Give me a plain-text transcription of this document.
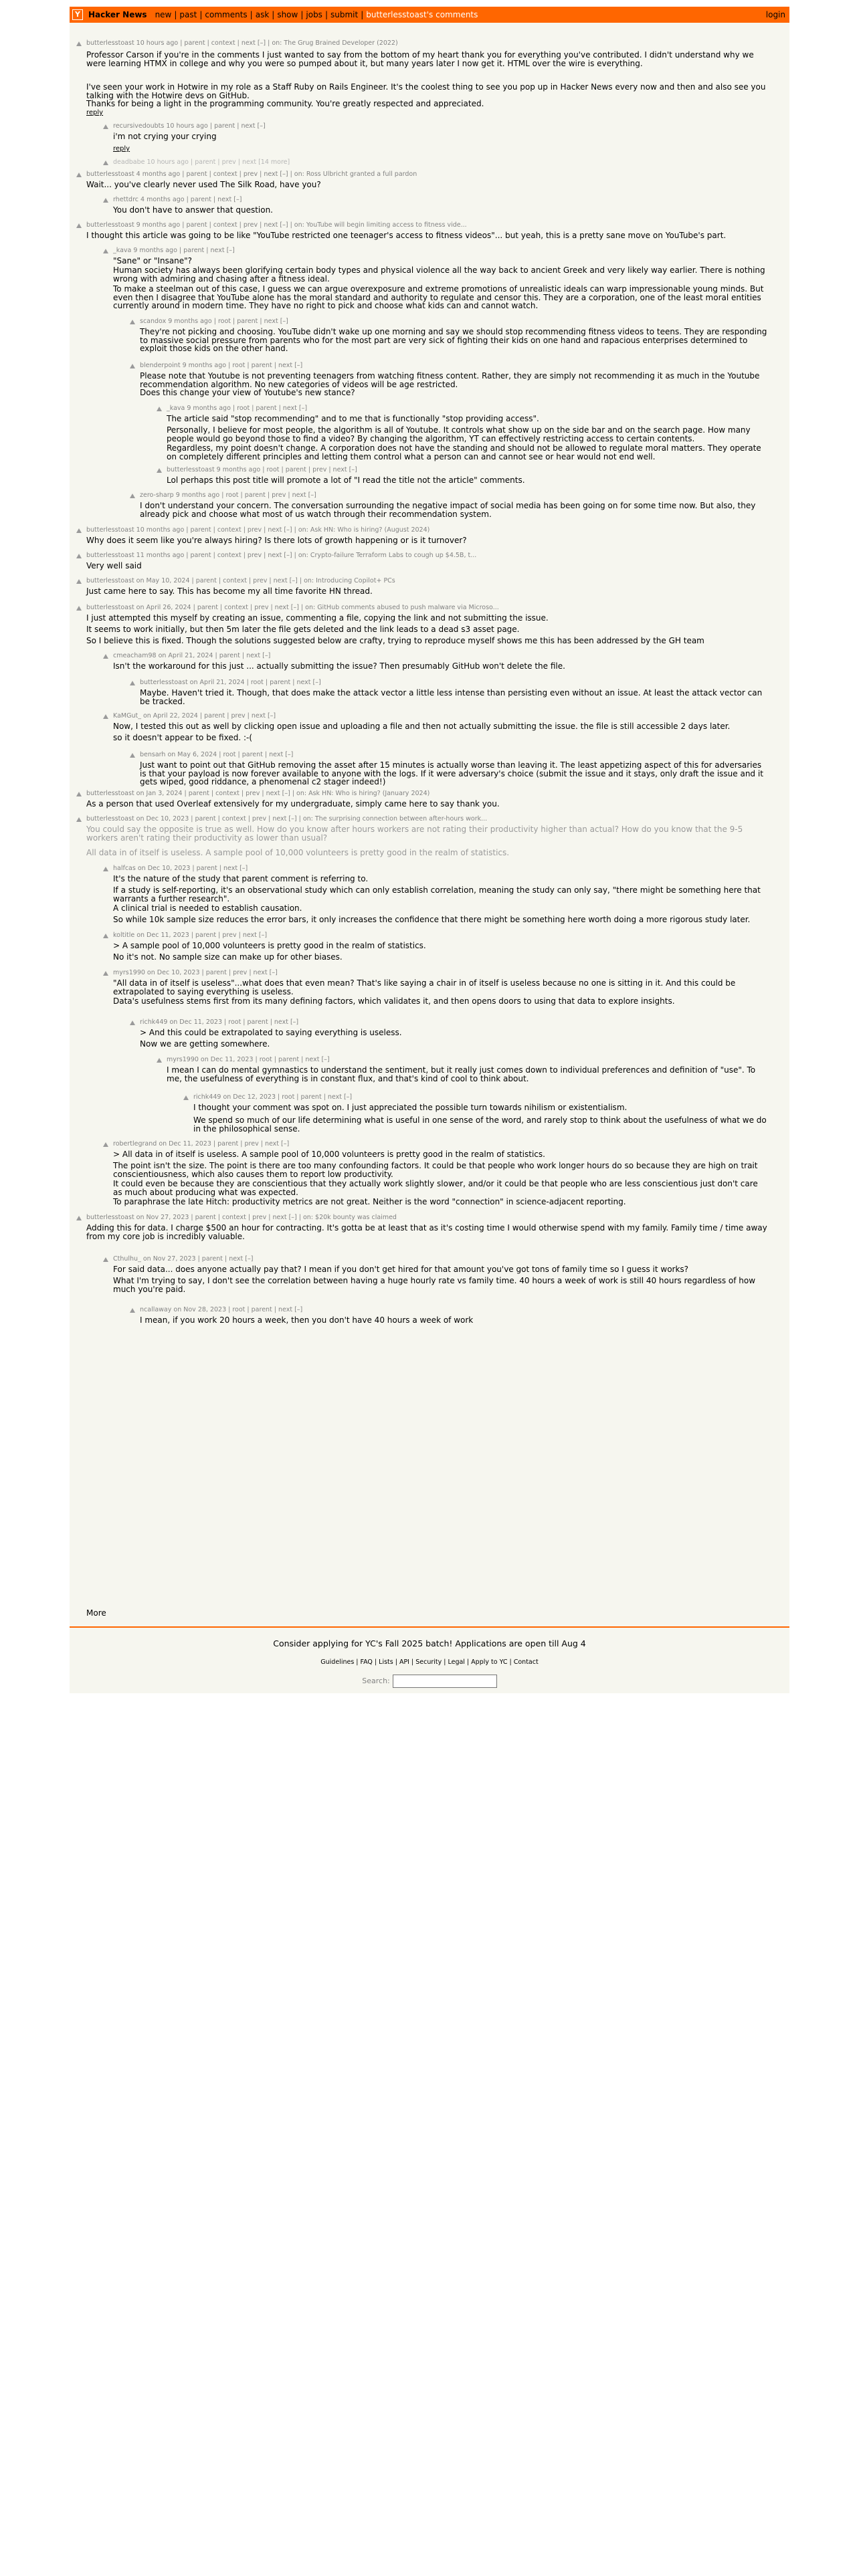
Y	Hacker News new | past | comments | ask | show | jobs | submit | butterlesstoast's comments	login
butterlesstoast 10 hours ago | parent | context | next [–] | on: The Grug Brained Developer (2022)
Professor Carson if you're in the comments I just wanted to say from the bottom of my heart thank you for everything you've contributed. I didn't understand why we were learning HTMX in college and why you were so pumped about it, but many years later I now get it. HTML over the wire is everything.
I've seen your work in Hotwire in my role as a Staff Ruby on Rails Engineer. It's the coolest thing to see you pop up in Hacker News every now and then and also see you talking with the Hotwire devs on GitHub.
Thanks for being a light in the programming community. You're greatly respected and appreciated.
reply
recursivedoubts 10 hours ago | parent | next [–]
i'm not crying your crying
reply
deadbabe 10 hours ago | parent | prev | next [14 more]
butterlesstoast 4 months ago | parent | context | prev | next [–] | on: Ross Ulbricht granted a full pardon
Wait... you've clearly never used The Silk Road, have you?
rhettdrc 4 months ago | parent | next [–]
You don't have to answer that question.
butterlesstoast 9 months ago | parent | context | prev | next [–] | on: YouTube will begin limiting access to fitness vide...
I thought this article was going to be like "YouTube restricted one teenager's access to fitness videos"... but yeah, this is a pretty sane move on YouTube's part.
_kava 9 months ago | parent | next [–]
"Sane" or "Insane"?
Human society has always been glorifying certain body types and physical violence all the way back to ancient Greek and very likely way earlier. There is nothing wrong with admiring and chasing after a fitness ideal.
To make a steelman out of this case, I guess we can argue overexposure and extreme promotions of unrealistic ideals can warp impressionable young minds. But even then I disagree that YouTube alone has the moral standard and authority to regulate and censor this. They are a corporation, one of the least moral entities currently around in modern time. They have no right to pick and choose what kids can and cannot watch.
scandox 9 months ago | root | parent | next [–]
They're not picking and choosing. YouTube didn't wake up one morning and say we should stop recommending fitness videos to teens. They are responding to massive social pressure from parents who for the most part are very sick of fighting their kids on one hand and rapacious enterprises determined to exploit those kids on the other hand.
blenderpoint 9 months ago | root | parent | next [–]
Please note that Youtube is not preventing teenagers from watching fitness content. Rather, they are simply not recommending it as much in the Youtube recommendation algorithm. No new categories of videos will be age restricted.
Does this change your view of Youtube's new stance?
_kava 9 months ago | root | parent | next [–]
The article said "stop recommending" and to me that is functionally "stop providing access".
Personally, I believe for most people, the algorithm is all of Youtube. It controls what show up on the side bar and on the search page. How many people would go beyond those to find a video? By changing the algorithm, YT can effectively restricting access to certain contents.
Regardless, my point doesn't change. A corporation does not have the standing and should not be allowed to regulate moral matters. They operate on completely different principles and letting them control what a person can and cannot see or hear would not end well.
butterlesstoast 9 months ago | root | parent | prev | next [–]
Lol perhaps this post title will promote a lot of "I read the title not the article" comments.
zero-sharp 9 months ago | root | parent | prev | next [–]
I don't understand your concern. The conversation surrounding the negative impact of social media has been going on for some time now. But also, they already pick and choose what most of us watch through their recommendation system.
butterlesstoast 10 months ago | parent | context | prev | next [–] | on: Ask HN: Who is hiring? (August 2024)
Why does it seem like you're always hiring? Is there lots of growth happening or is it turnover?
butterlesstoast 11 months ago | parent | context | prev | next [–] | on: Crypto-failure Terraform Labs to cough up $4.5B, t...
Very well said
butterlesstoast on May 10, 2024 | parent | context | prev | next [–] | on: Introducing Copilot+ PCs
Just came here to say. This has become my all time favorite HN thread.
butterlesstoast on April 26, 2024 | parent | context | prev | next [–] | on: GitHub comments abused to push malware via Microso...
I just attempted this myself by creating an issue, commenting a file, copying the link and not submitting the issue.
It seems to work initially, but then 5m later the file gets deleted and the link leads to a dead s3 asset page.
So I believe this is fixed. Though the solutions suggested below are crafty, trying to reproduce myself shows me this has been addressed by the GH team
cmeacham98 on April 21, 2024 | parent | next [–]
Isn't the workaround for this just ... actually submitting the issue? Then presumably GitHub won't delete the file.
butterlesstoast on April 21, 2024 | root | parent | next [–]
Maybe. Haven't tried it. Though, that does make the attack vector a little less intense than persisting even without an issue. At least the attack vector can be tracked.
KaMGut_ on April 22, 2024 | parent | prev | next [–]
Now, I tested this out as well by clicking open issue and uploading a file and then not actually submitting the issue. the file is still accessible 2 days later.
so it doesn't appear to be fixed. :-(
bensarh on May 6, 2024 | root | parent | next [–]
Just want to point out that GitHub removing the asset after 15 minutes is actually worse than leaving it. The least appetizing aspect of this for adversaries is that your payload is now forever available to anyone with the logs. If it were adversary's choice (submit the issue and it stays, only draft the issue and it gets wiped, good riddance, a phenomenal c2 stager indeed!)
butterlesstoast on Jan 3, 2024 | parent | context | prev | next [–] | on: Ask HN: Who is hiring? (January 2024)
As a person that used Overleaf extensively for my undergraduate, simply came here to say thank you.
butterlesstoast on Dec 10, 2023 | parent | context | prev | next [–] | on: The surprising connection between after-hours work...
You could say the opposite is true as well. How do you know after hours workers are not rating their productivity higher than actual? How do you know that the 9-5 workers aren't rating their productivity as lower than usual?
All data in of itself is useless. A sample pool of 10,000 volunteers is pretty good in the realm of statistics.
halfcas on Dec 10, 2023 | parent | next [–]
It's the nature of the study that parent comment is referring to.
If a study is self-reporting, it's an observational study which can only establish correlation, meaning the study can only say, "there might be something here that warrants a further research".
A clinical trial is needed to establish causation.
So while 10k sample size reduces the error bars, it only increases the confidence that there might be something here worth doing a more rigorous study later.
koltitle on Dec 11, 2023 | parent | prev | next [–]
> A sample pool of 10,000 volunteers is pretty good in the realm of statistics.
No it's not. No sample size can make up for other biases.
myrs1990 on Dec 10, 2023 | parent | prev | next [–]
"All data in of itself is useless"...what does that even mean? That's like saying a chair in of itself is useless because no one is sitting in it. And this could be extrapolated to saying everything is useless.
Data's usefulness stems first from its many defining factors, which validates it, and then opens doors to using that data to explore insights.
richk449 on Dec 11, 2023 | root | parent | next [–]
> And this could be extrapolated to saying everything is useless.
Now we are getting somewhere.
myrs1990 on Dec 11, 2023 | root | parent | next [–]
I mean I can do mental gymnastics to understand the sentiment, but it really just comes down to individual preferences and definition of "use". To me, the usefulness of everything is in constant flux, and that's kind of cool to think about.
richk449 on Dec 12, 2023 | root | parent | next [–]
I thought your comment was spot on. I just appreciated the possible turn towards nihilism or existentialism.
We spend so much of our life determining what is useful in one sense of the word, and rarely stop to think about the usefulness of what we do in the philosophical sense.
robertlegrand on Dec 11, 2023 | parent | prev | next [–]
> All data in of itself is useless. A sample pool of 10,000 volunteers is pretty good in the realm of statistics.
The point isn't the size. The point is there are too many confounding factors. It could be that people who work longer hours do so because they are high on trait conscientiousness, which also causes them to report low productivity.
It could even be because they are conscientious that they actually work slightly slower, and/or it could be that people who are less conscientious just don't care as much about producing what was expected.
To paraphrase the late Hitch: productivity metrics are not great. Neither is the word "connection" in science-adjacent reporting.
butterlesstoast on Nov 27, 2023 | parent | context | prev | next [–] | on: $20k bounty was claimed
Adding this for data. I charge $500 an hour for contracting. It's gotta be at least that as it's costing time I would otherwise spend with my family. Family time / time away from my core job is incredibly valuable.
Cthulhu_ on Nov 27, 2023 | parent | next [–]
For said data... does anyone actually pay that? I mean if you don't get hired for that amount you've got tons of family time so I guess it works?
What I'm trying to say, I don't see the correlation between having a huge hourly rate vs family time. 40 hours a week of work is still 40 hours regardless of how much you're paid.
ncallaway on Nov 28, 2023 | root | parent | next [–]
I mean, if you work 20 hours a week, then you don't have 40 hours a week of work
More
Consider applying for YC's Fall 2025 batch! Applications are open till Aug 4
Guidelines | FAQ | Lists | API | Security | Legal | Apply to YC | Contact
Search:
